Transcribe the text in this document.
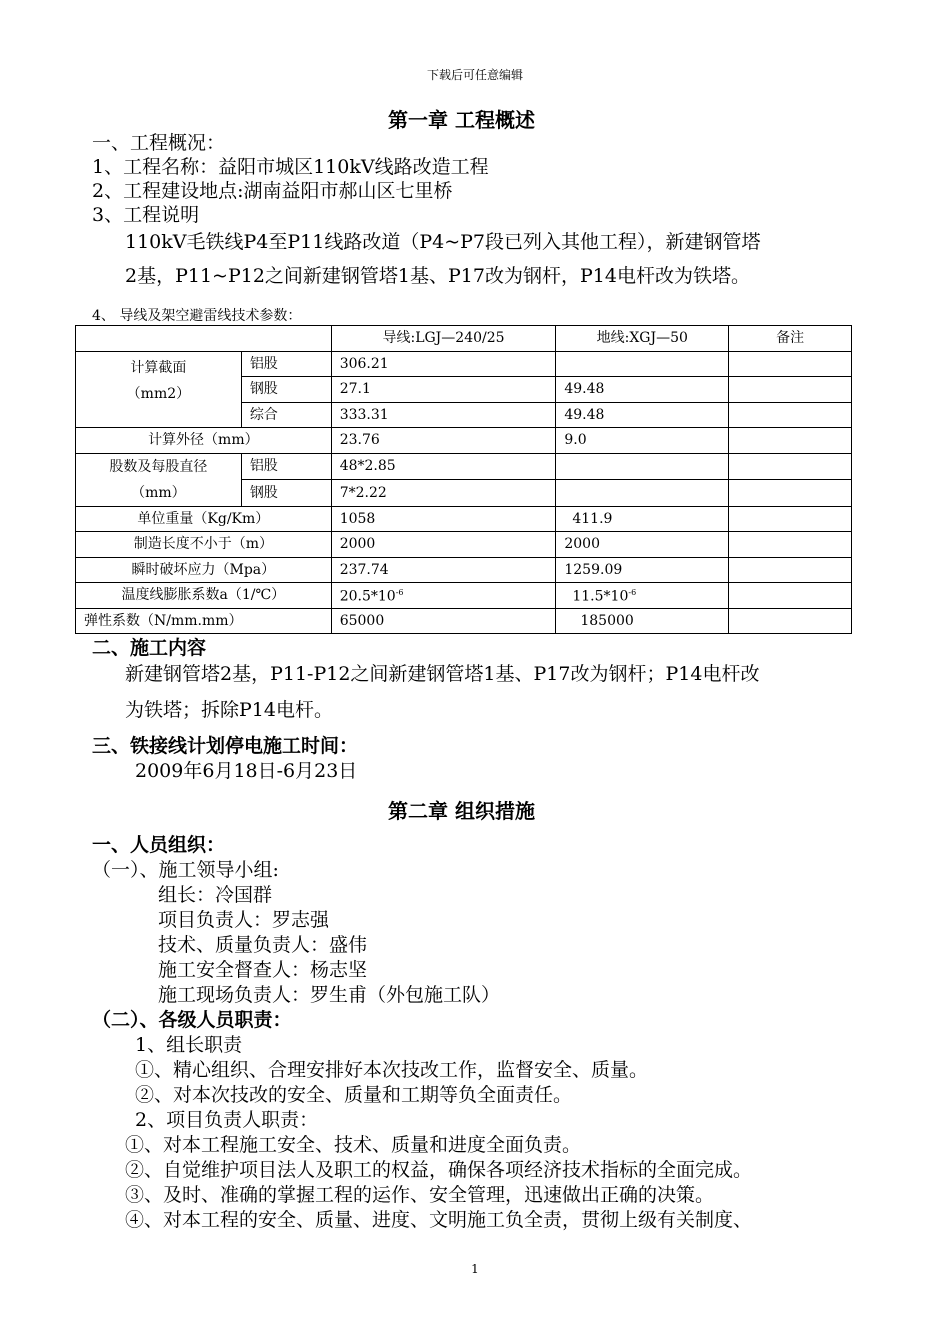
下载后可任意编辑
第一章 工程概述
一、工程概况：
1、工程名称：益阳市城区110kV线路改造工程
2、工程建设地点:湖南益阳市郝山区七里桥
3、工程说明
110kV毛铁线P4至P11线路改道（P4~P7段已列入其他工程），新建钢管塔
2基，P11~P12之间新建钢管塔1基、P17改为钢杆，P14电杆改为铁塔。
4、 导线及架空避雷线技术参数：
		导线:LGJ—240/25	地线:XGJ—50	备注

计算截面
（mm2）	铝股	306.21		
	钢股	27.1	49.48	
	综合	333.31	49.48	
计算外径（mm）		23.76	9.0	

股数及每股直径
（mm）	铝股	48*2.85		
	钢股	7*2.22		
单位重量（Kg/Km）		1058	411.9	
制造长度不小于（m）		2000	2000	
瞬时破坏应力（Mpa）		237.74	1259.09	
温度线膨胀系数a（1/℃）		$20.5*10^{-6}$	$11.5*10^{-6}$	
弹性系数（N/mm.mm）		65000	185000	
二、施工内容
新建钢管塔2基，P11-P12之间新建钢管塔1基、P17改为钢杆；P14电杆改
为铁塔；拆除P14电杆。
三、铁接线计划停电施工时间：
2009年6月18日-6月23日
第二章 组织措施
一、人员组织：
（一）、施工领导小组:
组长：冷国群
项目负责人：罗志强
技术、质量负责人：盛伟
施工安全督查人：杨志坚
施工现场负责人：罗生甫（外包施工队）
（二）、各级人员职责：
1、组长职责
①、精心组织、合理安排好本次技改工作，监督安全、质量。
②、对本次技改的安全、质量和工期等负全面责任。
2、项目负责人职责：
①、对本工程施工安全、技术、质量和进度全面负责。
②、自觉维护项目法人及职工的权益，确保各项经济技术指标的全面完成。
③、及时、准确的掌握工程的运作、安全管理，迅速做出正确的决策。
④、对本工程的安全、质量、进度、文明施工负全责，贯彻上级有关制度、
1
